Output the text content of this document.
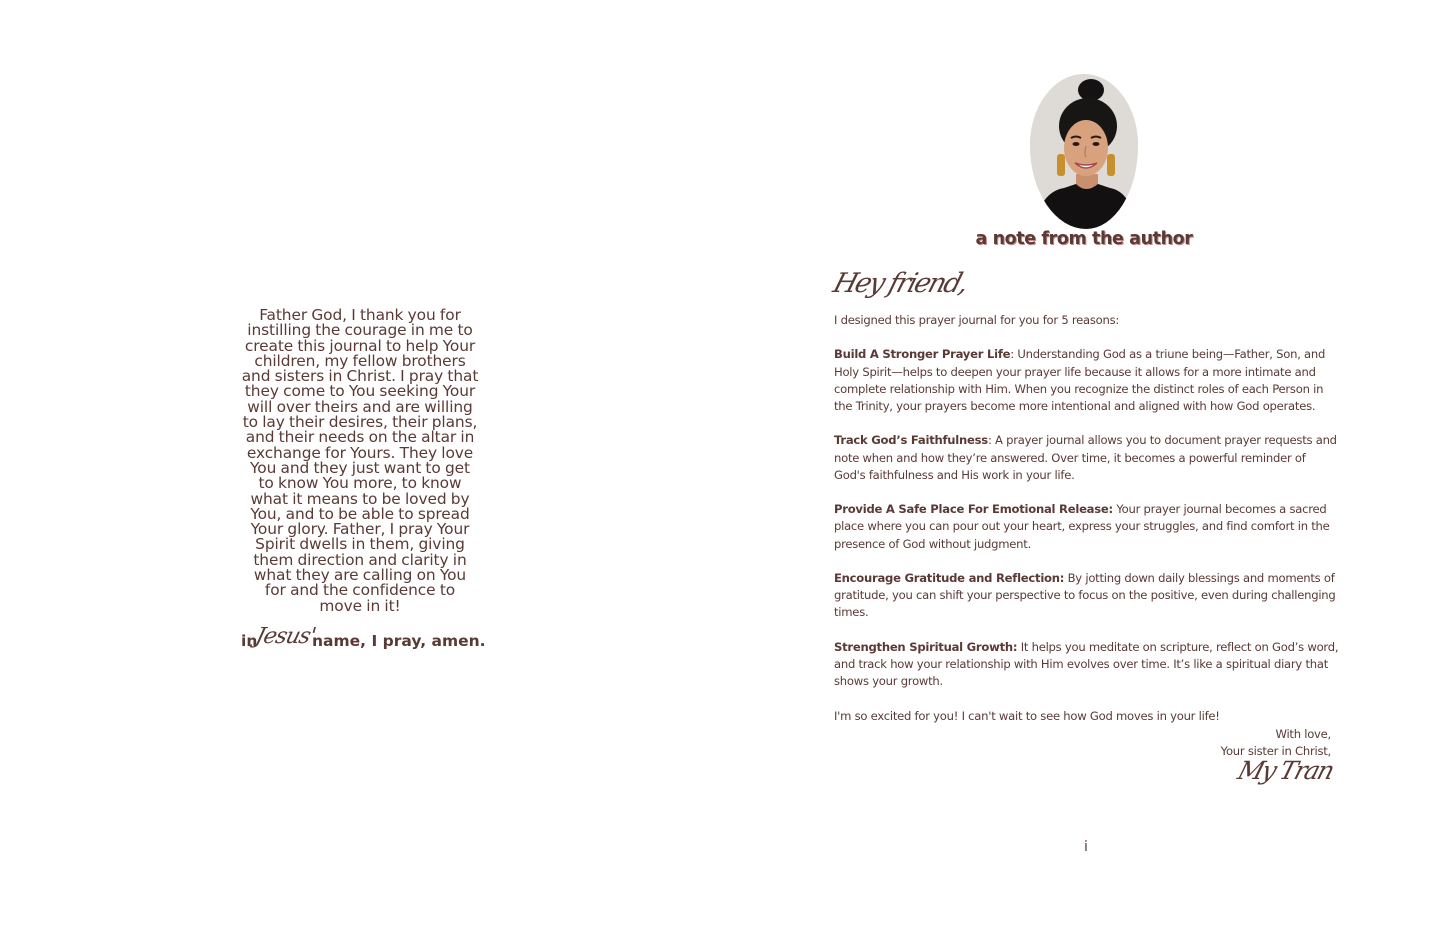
Father God, I thank you for
instilling the courage in me to
create this journal to help Your
children, my fellow brothers
and sisters in Christ. I pray that
they come to You seeking Your
will over theirs and are willing
to lay their desires, their plans,
and their needs on the altar in
exchange for Yours. They love
You and they just want to get
to know You more, to know
what it means to be loved by
You, and to be able to spread
Your glory. Father, I pray Your
Spirit dwells in them, giving
them direction and clarity in
what they are calling on You
for and the confidence to
move in it!
in
Jesus'
name, I pray, amen.
a note from the author
Hey friend,

I designed this prayer journal for you for 5 reasons:

Build A Stronger Prayer Life: Understanding God as a triune being—Father, Son, and
Holy Spirit—helps to deepen your prayer life because it allows for a more intimate and
complete relationship with Him. When you recognize the distinct roles of each Person in
the Trinity, your prayers become more intentional and aligned with how God operates.

Track God’s Faithfulness: A prayer journal allows you to document prayer requests and
note when and how they’re answered. Over time, it becomes a powerful reminder of
God's faithfulness and His work in your life.

Provide A Safe Place For Emotional Release: Your prayer journal becomes a sacred
place where you can pour out your heart, express your struggles, and find comfort in the
presence of God without judgment.

Encourage Gratitude and Reflection: By jotting down daily blessings and moments of
gratitude, you can shift your perspective to focus on the positive, even during challenging
times.

Strengthen Spiritual Growth: It helps you meditate on scripture, reflect on God’s word,
and track how your relationship with Him evolves over time. It’s like a spiritual diary that
shows your growth.

I'm so excited for you! I can't wait to see how God moves in your life!

With love,
Your sister in Christ,
My Tran
i
